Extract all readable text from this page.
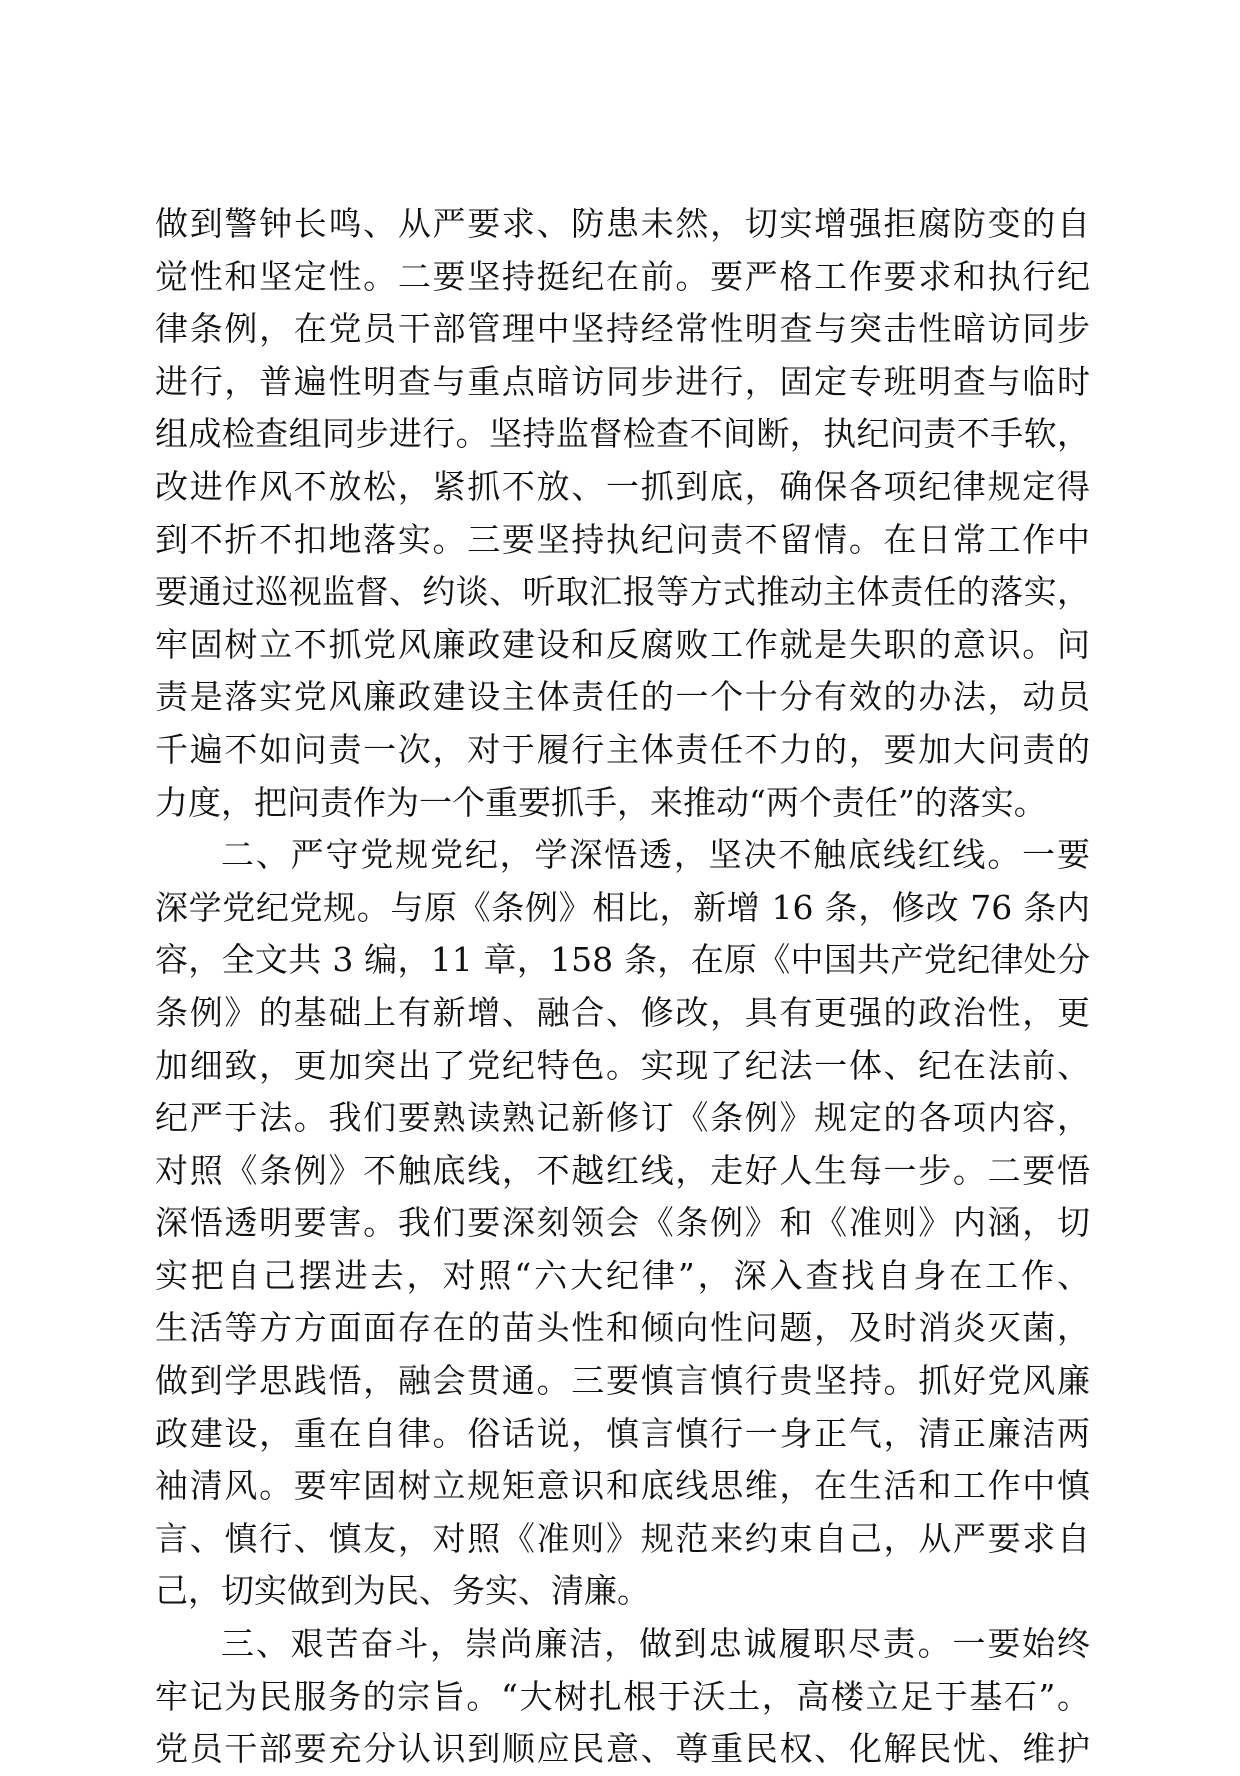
做到警钟长鸣、从严要求、防患未然，切实增强拒腐防变的自
觉性和坚定性。二要坚持挺纪在前。要严格工作要求和执行纪
律条例，在党员干部管理中坚持经常性明查与突击性暗访同步
进行，普遍性明查与重点暗访同步进行，固定专班明查与临时
组成检查组同步进行。坚持监督检查不间断，执纪问责不手软，
改进作风不放松，紧抓不放、一抓到底，确保各项纪律规定得
到不折不扣地落实。三要坚持执纪问责不留情。在日常工作中
要通过巡视监督、约谈、听取汇报等方式推动主体责任的落实，
牢固树立不抓党风廉政建设和反腐败工作就是失职的意识。问
责是落实党风廉政建设主体责任的一个十分有效的办法，动员
千遍不如问责一次，对于履行主体责任不力的，要加大问责的
力度，把问责作为一个重要抓手，来推动“两个责任”的落实。
二、严守党规党纪，学深悟透，坚决不触底线红线。一要
深学党纪党规。与原《条例》相比，新增 16 条，修改 76 条内
容，全文共 3 编，11 章，158 条，在原《中国共产党纪律处分
条例》的基础上有新增、融合、修改，具有更强的政治性，更
加细致，更加突出了党纪特色。实现了纪法一体、纪在法前、
纪严于法。我们要熟读熟记新修订《条例》规定的各项内容，
对照《条例》不触底线，不越红线，走好人生每一步。二要悟
深悟透明要害。我们要深刻领会《条例》和《准则》内涵，切
实把自己摆进去，对照“六大纪律”，深入查找自身在工作、
生活等方方面面存在的苗头性和倾向性问题，及时消炎灭菌，
做到学思践悟，融会贯通。三要慎言慎行贵坚持。抓好党风廉
政建设，重在自律。俗话说，慎言慎行一身正气，清正廉洁两
袖清风。要牢固树立规矩意识和底线思维，在生活和工作中慎
言、慎行、慎友，对照《准则》规范来约束自己，从严要求自
己，切实做到为民、务实、清廉。
三、艰苦奋斗，崇尚廉洁，做到忠诚履职尽责。一要始终
牢记为民服务的宗旨。“大树扎根于沃土，高楼立足于基石”。
党员干部要充分认识到顺应民意、尊重民权、化解民忧、维护
